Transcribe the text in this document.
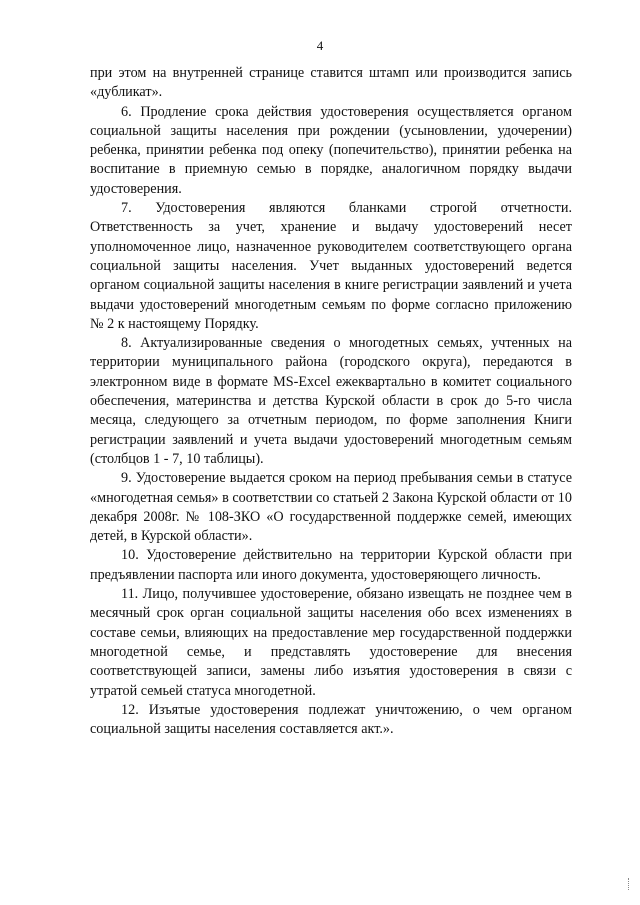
4

при этом на внутренней странице ставится штамп или производится запись «дубликат».

6. Продление срока действия удостоверения осуществляется органом социальной защиты населения при рождении (усыновлении, удочерении) ребенка, принятии ребенка под опеку (попечительство), принятии ребенка на воспитание в приемную семью в порядке, аналогичном порядку выдачи удостоверения.

7. Удостоверения являются бланками строгой отчетности. Ответственность за учет, хранение и выдачу удостоверений несет уполномоченное лицо, назначенное руководителем соответствующего органа социальной защиты населения. Учет выданных удостоверений ведется органом социальной защиты населения в книге регистрации заявлений и учета выдачи удостоверений многодетным семьям по форме согласно приложению № 2 к настоящему Порядку.

8. Актуализированные сведения о многодетных семьях, учтенных на территории муниципального района (городского округа), передаются в электронном виде в формате MS-Excel ежеквартально в комитет социального обеспечения, материнства и детства Курской области в срок до 5-го числа месяца, следующего за отчетным периодом, по форме заполнения Книги регистрации заявлений и учета выдачи удостоверений многодетным семьям (столбцов 1 - 7, 10 таблицы).

9. Удостоверение выдается сроком на период пребывания семьи в статусе «многодетная семья» в соответствии со статьей 2 Закона Курской области от 10 декабря 2008г. № 108-ЗКО «О государственной поддержке семей, имеющих детей, в Курской области».

10. Удостоверение действительно на территории Курской области при предъявлении паспорта или иного документа, удостоверяющего личность.

11. Лицо, получившее удостоверение, обязано извещать не позднее чем в месячный срок орган социальной защиты населения обо всех изменениях в составе семьи, влияющих на предоставление мер государственной поддержки многодетной семье, и представлять удостоверение для внесения соответствующей записи, замены либо изъятия удостоверения в связи с утратой семьей статуса многодетной.

12. Изъятые удостоверения подлежат уничтожению, о чем органом социальной защиты населения составляется акт.».
